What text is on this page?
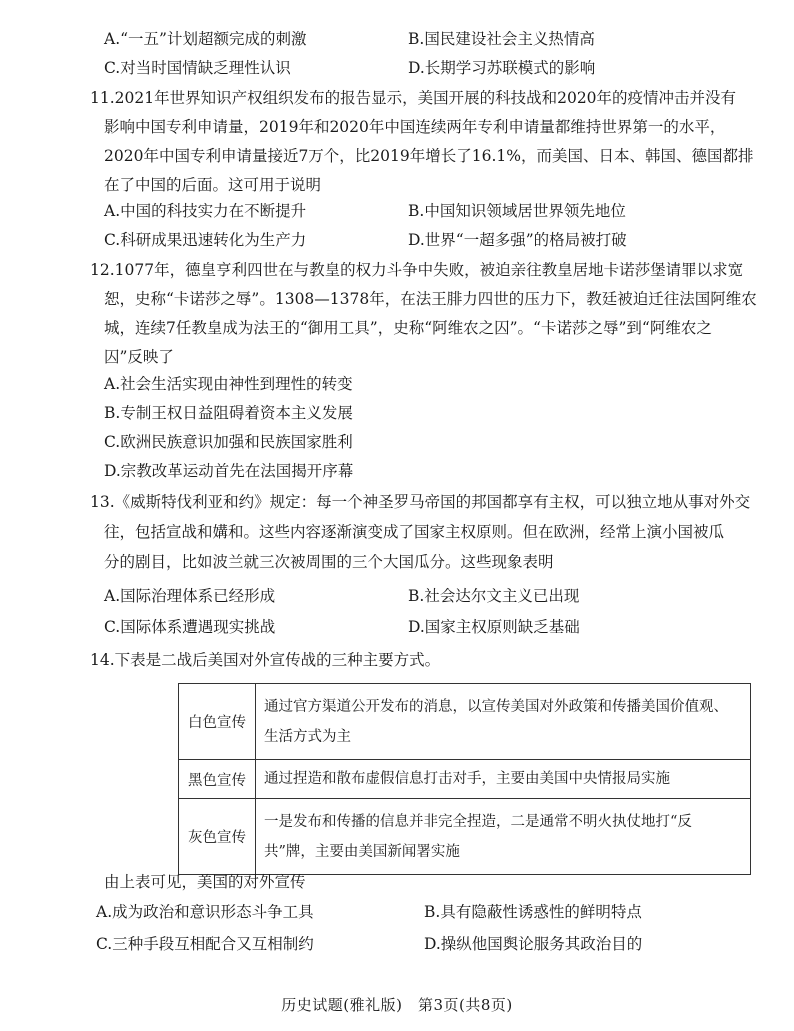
A.“一五”计划超额完成的刺激	B.国民建设社会主义热情高
C.对当时国情缺乏理性认识	D.长期学习苏联模式的影响
11.2021年世界知识产权组织发布的报告显示，美国开展的科技战和2020年的疫情冲击并没有
影响中国专利申请量，2019年和2020年中国连续两年专利申请量都维持世界第一的水平，
2020年中国专利申请量接近7万个，比2019年增长了16.1%，而美国、日本、韩国、德国都排
在了中国的后面。这可用于说明
A.中国的科技实力在不断提升	B.中国知识领域居世界领先地位
C.科研成果迅速转化为生产力	D.世界“一超多强”的格局被打破
12.1077年，德皇亨利四世在与教皇的权力斗争中失败，被迫亲往教皇居地卡诺莎堡请罪以求宽
恕，史称“卡诺莎之辱”。1308—1378年，在法王腓力四世的压力下，教廷被迫迁往法国阿维农
城，连续7任教皇成为法王的“御用工具”，史称“阿维农之囚”。“卡诺莎之辱”到“阿维农之
囚”反映了
A.社会生活实现由神性到理性的转变
B.专制王权日益阻碍着资本主义发展
C.欧洲民族意识加强和民族国家胜利
D.宗教改革运动首先在法国揭开序幕
13.《威斯特伐利亚和约》规定：每一个神圣罗马帝国的邦国都享有主权，可以独立地从事对外交
往，包括宣战和媾和。这些内容逐渐演变成了国家主权原则。但在欧洲，经常上演小国被瓜
分的剧目，比如波兰就三次被周围的三个大国瓜分。这些现象表明
A.国际治理体系已经形成	B.社会达尔文主义已出现
C.国际体系遭遇现实挑战	D.国家主权原则缺乏基础
14.下表是二战后美国对外宣传战的三种主要方式。
白色宣传	通过官方渠道公开发布的消息，以宣传美国对外政策和传播美国价值观、生活方式为主
黑色宣传	通过捏造和散布虚假信息打击对手，主要由美国中央情报局实施
灰色宣传	一是发布和传播的信息并非完全捏造，二是通常不明火执仗地打“反共”牌，主要由美国新闻署实施
由上表可见，美国的对外宣传
A.成为政治和意识形态斗争工具	B.具有隐蔽性诱惑性的鲜明特点
C.三种手段互相配合又互相制约	D.操纵他国舆论服务其政治目的
历史试题(雅礼版)　第3页(共8页)
